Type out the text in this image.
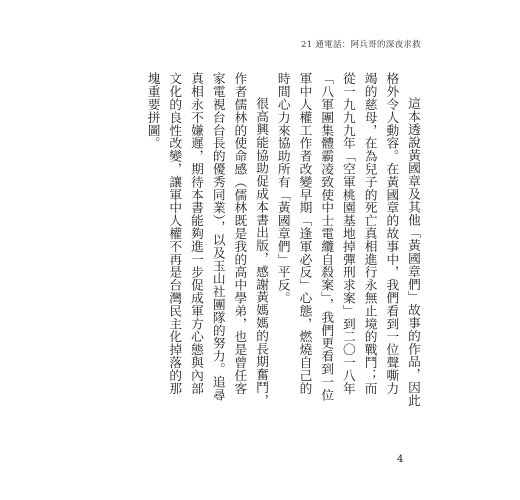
21 通電話：阿兵哥的深夜求救

這本透說黃國章及其他「黃國章們」故事的作品，因此格外令人動容。在黃國章的故事中，我們看到一位聲嘶力竭的慈母，在為兒子的死亡真相進行永無止境的戰鬥；而從一九九九年「空軍桃園基地掉彈刑求案」到二〇一八年「八軍團集體霸凌致使中士電纜自殺案」，我們更看到一位軍中人權工作者改變早期「逢軍必反」心態，燃燒自己的時間心力來協助所有「黃國章們」平反。

很高興能協助促成本書出版，感謝黃媽媽的長期奮鬥，作者儒林的使命感（儒林既是我的高中學弟，也是曾任客家電視台台長的優秀同業），以及玉山社團隊的努力。追尋真相永不嫌遲，期待本書能夠進一步促成軍方心態與內部文化的良性改變，讓軍中人權不再是台灣民主化掉落的那塊重要拼圖。

4
